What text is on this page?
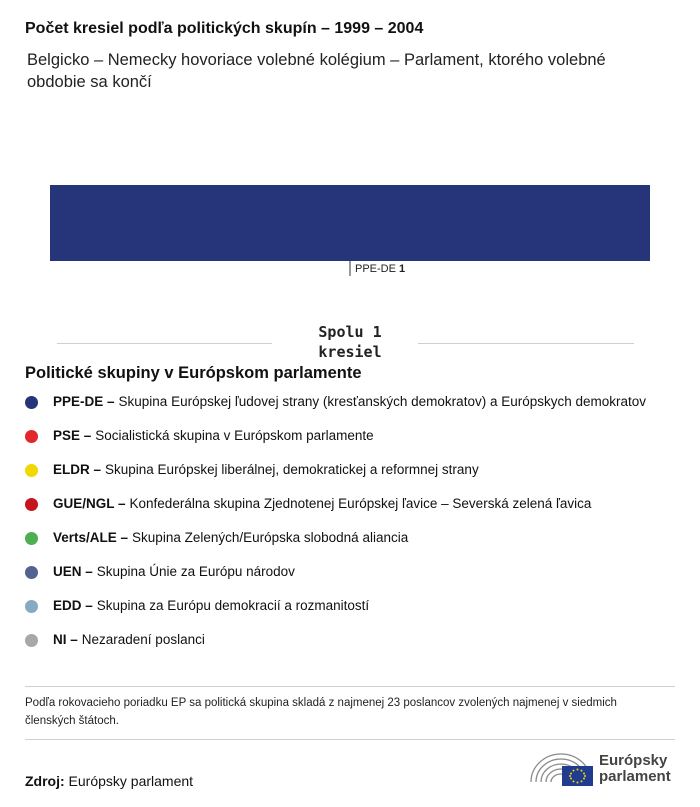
Počet kresiel podľa politických skupín – 1999 – 2004
Belgicko – Nemecky hovoriace volebné kolégium – Parlament, ktorého volebné obdobie sa končí
PPE-DE 1
Spolu 1
kresiel
Politické skupiny v Európskom parlamente
PPE-DE – Skupina Európskej ľudovej strany (kresťanských demokratov) a Európskych demokratov
PSE – Socialistická skupina v Európskom parlamente
ELDR – Skupina Európskej liberálnej, demokratickej a reformnej strany
GUE/NGL – Konfederálna skupina Zjednotenej Európskej ľavice – Severská zelená ľavica
Verts/ALE – Skupina Zelených/Európska slobodná aliancia
UEN – Skupina Únie za Európu národov
EDD – Skupina za Európu demokracií a rozmanitostí
NI – Nezaradení poslanci
Podľa rokovacieho poriadku EP sa politická skupina skladá z najmenej 23 poslancov zvolených najmenej v siedmich členských štátoch.
Zdroj: Európsky parlament
Európsky
parlament
